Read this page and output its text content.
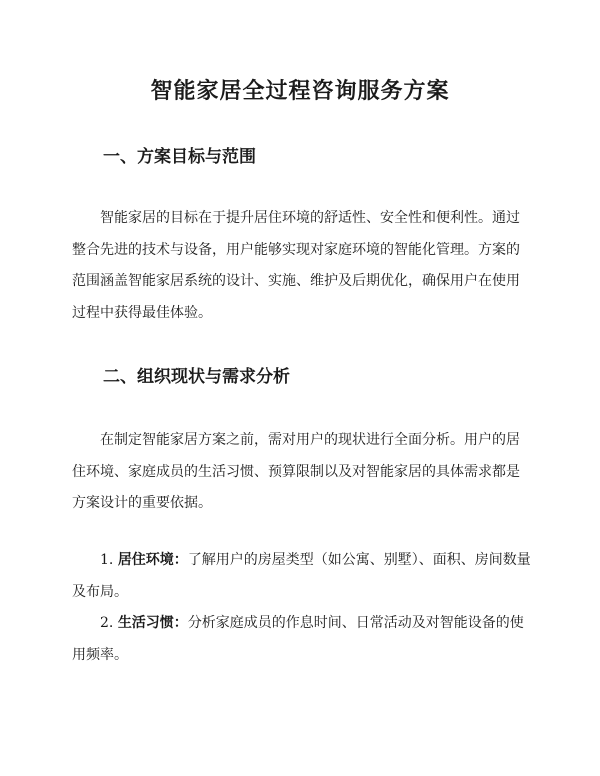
智能家居全过程咨询服务方案
一、方案目标与范围

智能家居的目标在于提升居住环境的舒适性、安全性和便利性。通过整合先进的技术与设备，用户能够实现对家庭环境的智能化管理。方案的范围涵盖智能家居系统的设计、实施、维护及后期优化，确保用户在使用过程中获得最佳体验。

二、组织现状与需求分析

在制定智能家居方案之前，需对用户的现状进行全面分析。用户的居住环境、家庭成员的生活习惯、预算限制以及对智能家居的具体需求都是方案设计的重要依据。

1. 居住环境：了解用户的房屋类型（如公寓、别墅）、面积、房间数量及布局。
2. 生活习惯：分析家庭成员的作息时间、日常活动及对智能设备的使用频率。
